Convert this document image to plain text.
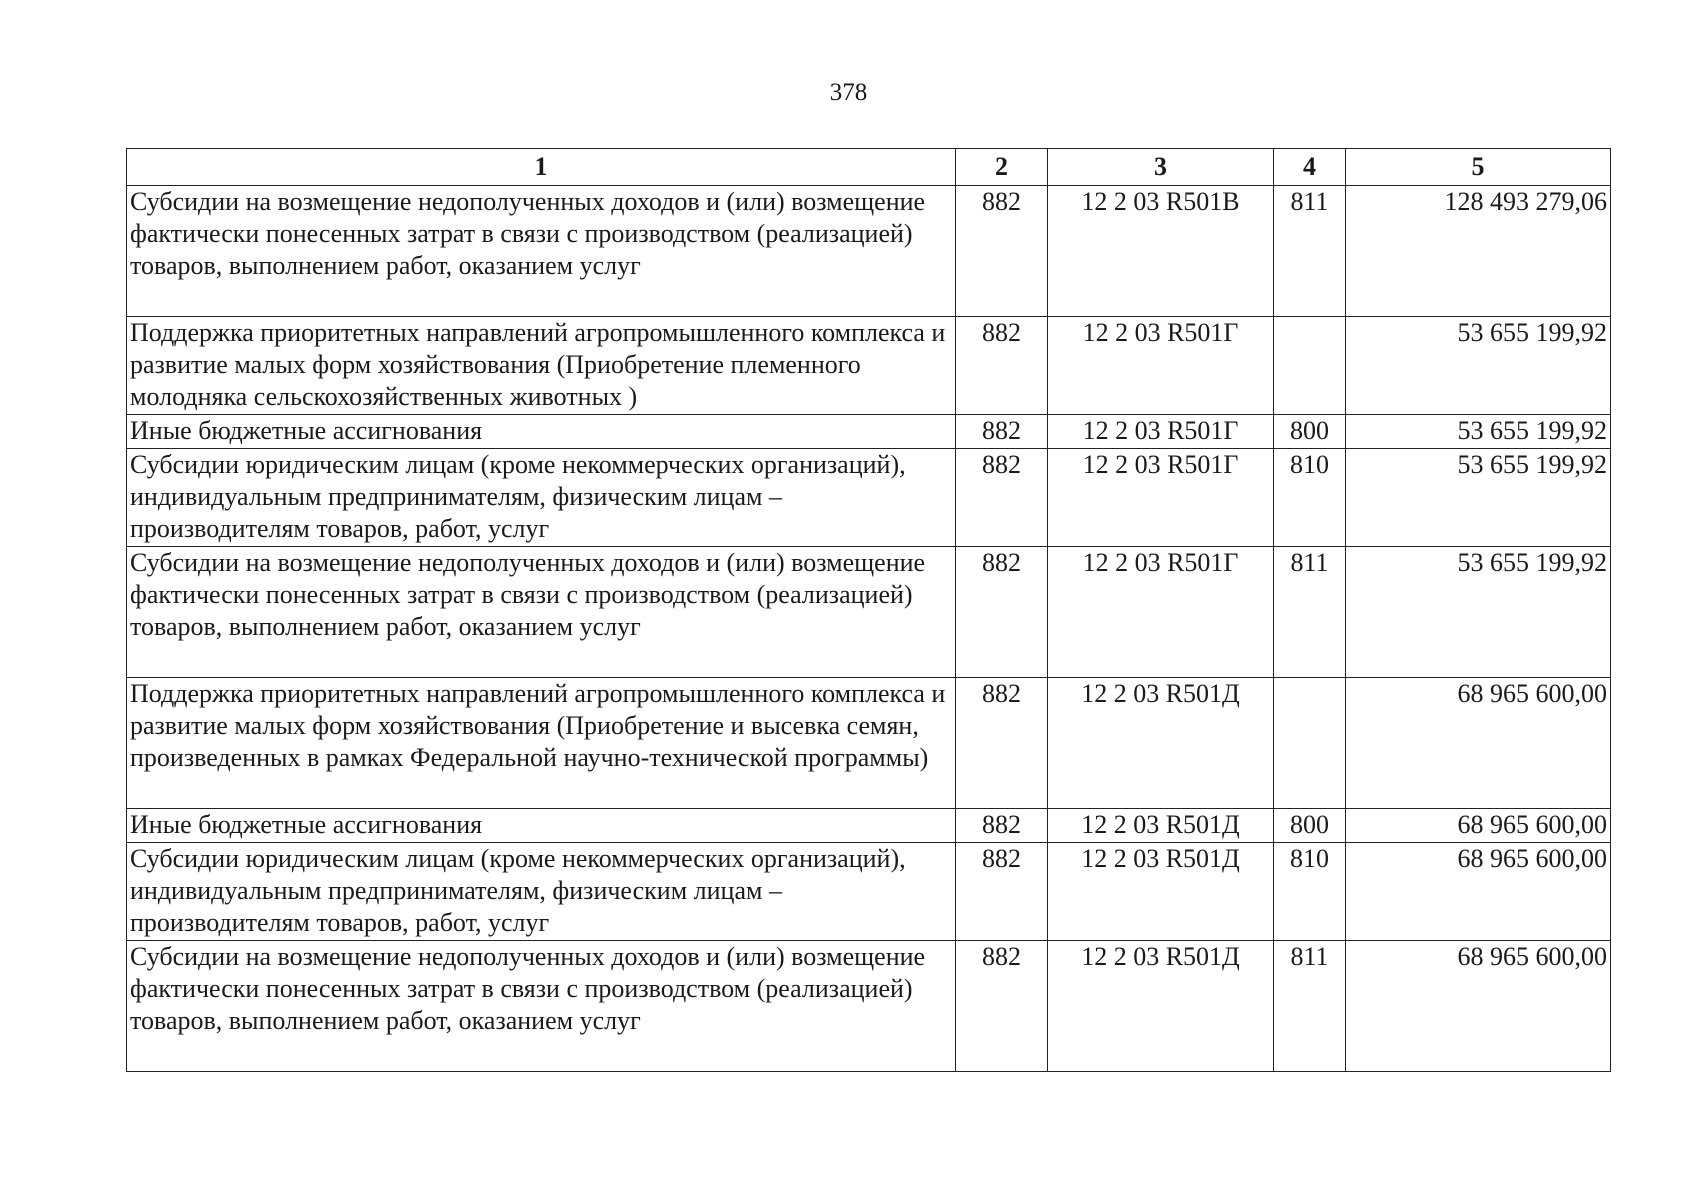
378
1	2	3	4	5
Субсидии на возмещение недополученных доходов и (или) возмещение фактически понесенных затрат в связи с производством (реализацией) товаров, выполнением работ, оказанием услуг	882	12 2 03 R501В	811	128 493 279,06
Поддержка приоритетных направлений агропромышленного комплекса и развитие малых форм хозяйствования (Приобретение племенного молодняка сельскохозяйственных животных )	882	12 2 03 R501Г		53 655 199,92
Иные бюджетные ассигнования	882	12 2 03 R501Г	800	53 655 199,92
Субсидии юридическим лицам (кроме некоммерческих организаций), индивидуальным предпринимателям, физическим лицам – производителям товаров, работ, услуг	882	12 2 03 R501Г	810	53 655 199,92
Субсидии на возмещение недополученных доходов и (или) возмещение фактически понесенных затрат в связи с производством (реализацией) товаров, выполнением работ, оказанием услуг	882	12 2 03 R501Г	811	53 655 199,92
Поддержка приоритетных направлений агропромышленного комплекса и развитие малых форм хозяйствования (Приобретение и высевка семян, произведенных в рамках Федеральной научно-технической программы)	882	12 2 03 R501Д		68 965 600,00
Иные бюджетные ассигнования	882	12 2 03 R501Д	800	68 965 600,00
Субсидии юридическим лицам (кроме некоммерческих организаций), индивидуальным предпринимателям, физическим лицам – производителям товаров, работ, услуг	882	12 2 03 R501Д	810	68 965 600,00
Субсидии на возмещение недополученных доходов и (или) возмещение фактически понесенных затрат в связи с производством (реализацией) товаров, выполнением работ, оказанием услуг	882	12 2 03 R501Д	811	68 965 600,00
